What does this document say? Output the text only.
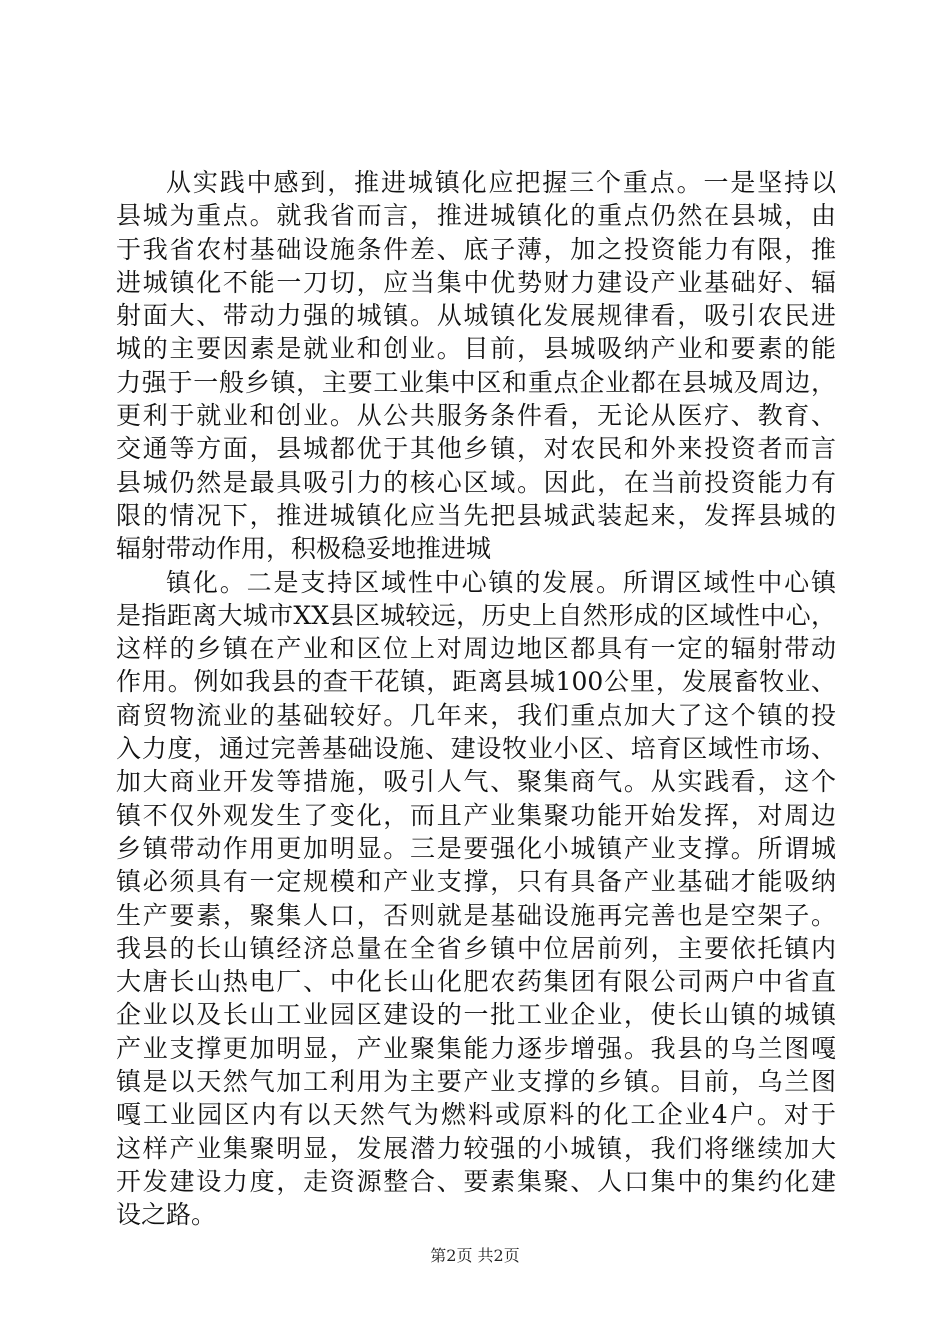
从实践中感到，推进城镇化应把握三个重点。一是坚持以
县城为重点。就我省而言，推进城镇化的重点仍然在县城，由
于我省农村基础设施条件差、底子薄，加之投资能力有限，推
进城镇化不能一刀切，应当集中优势财力建设产业基础好、辐
射面大、带动力强的城镇。从城镇化发展规律看，吸引农民进
城的主要因素是就业和创业。目前，县城吸纳产业和要素的能
力强于一般乡镇，主要工业集中区和重点企业都在县城及周边，
更利于就业和创业。从公共服务条件看，无论从医疗、教育、
交通等方面，县城都优于其他乡镇，对农民和外来投资者而言
县城仍然是最具吸引力的核心区域。因此，在当前投资能力有
限的情况下，推进城镇化应当先把县城武装起来，发挥县城的
辐射带动作用，积极稳妥地推进城
镇化。二是支持区域性中心镇的发展。所谓区域性中心镇
是指距离大城市XX县区城较远，历史上自然形成的区域性中心，
这样的乡镇在产业和区位上对周边地区都具有一定的辐射带动
作用。例如我县的查干花镇，距离县城100公里，发展畜牧业、
商贸物流业的基础较好。几年来，我们重点加大了这个镇的投
入力度，通过完善基础设施、建设牧业小区、培育区域性市场、
加大商业开发等措施，吸引人气、聚集商气。从实践看，这个
镇不仅外观发生了变化，而且产业集聚功能开始发挥，对周边
乡镇带动作用更加明显。三是要强化小城镇产业支撑。所谓城
镇必须具有一定规模和产业支撑，只有具备产业基础才能吸纳
生产要素，聚集人口，否则就是基础设施再完善也是空架子。
我县的长山镇经济总量在全省乡镇中位居前列，主要依托镇内
大唐长山热电厂、中化长山化肥农药集团有限公司两户中省直
企业以及长山工业园区建设的一批工业企业，使长山镇的城镇
产业支撑更加明显，产业聚集能力逐步增强。我县的乌兰图嘎
镇是以天然气加工利用为主要产业支撑的乡镇。目前，乌兰图
嘎工业园区内有以天然气为燃料或原料的化工企业4户。对于
这样产业集聚明显，发展潜力较强的小城镇，我们将继续加大
开发建设力度，走资源整合、要素集聚、人口集中的集约化建
设之路。
第2页 共2页
